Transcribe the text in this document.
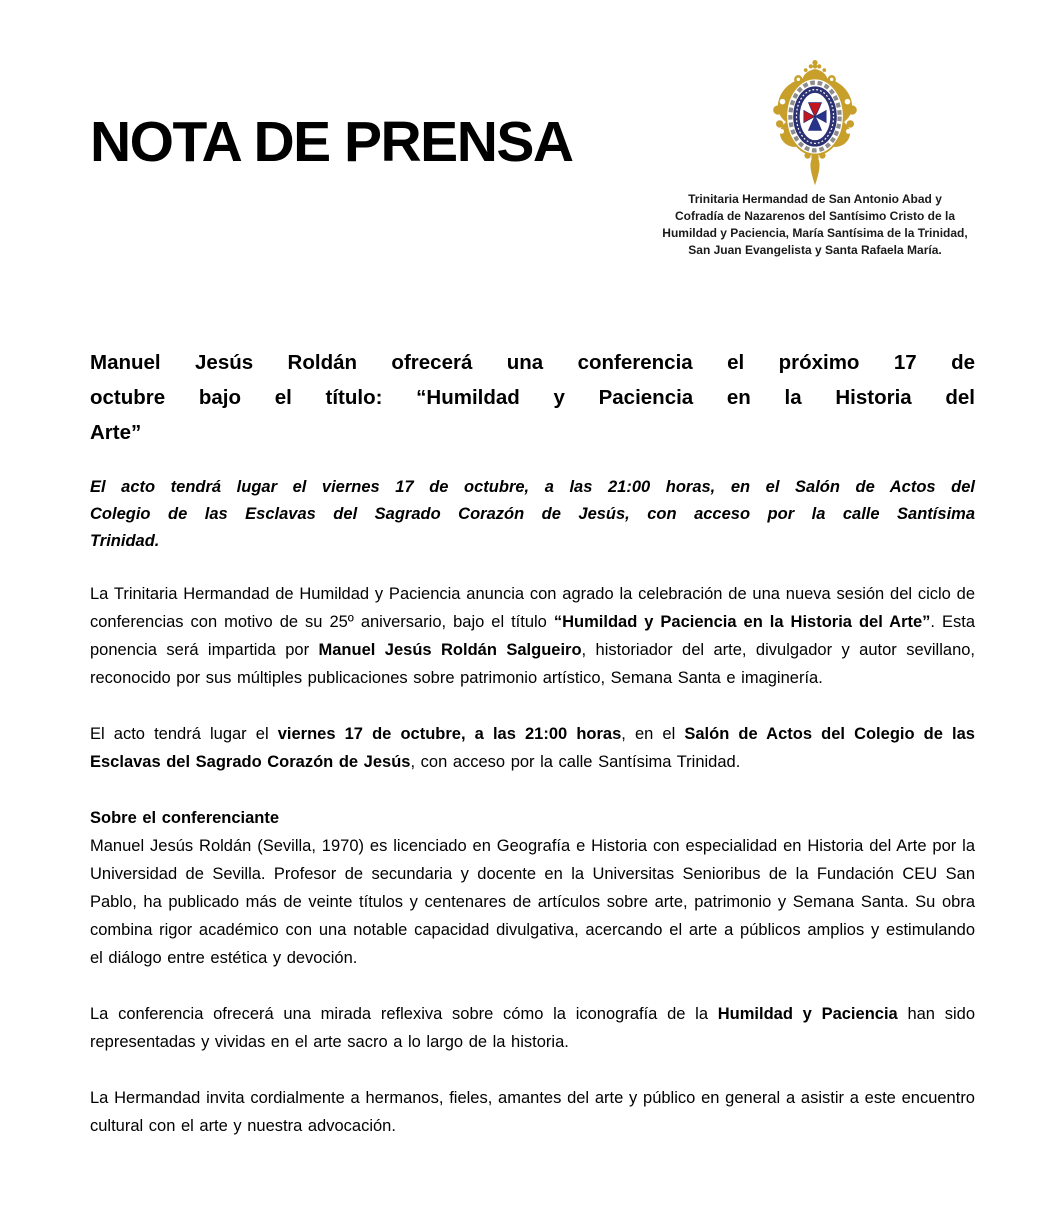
NOTA DE PRENSA
Trinitaria Hermandad de San Antonio Abad y
Cofradía de Nazarenos del Santísimo Cristo de la
Humildad y Paciencia, María Santísima de la Trinidad,
San Juan Evangelista y Santa Rafaela María.
Manuel Jesús Roldán ofrecerá una conferencia el próximo 17 de
octubre bajo el título: “Humildad y Paciencia en la Historia del
Arte”
El acto tendrá lugar el viernes 17 de octubre, a las 21:00 horas, en el Salón de Actos del
Colegio de las Esclavas del Sagrado Corazón de Jesús, con acceso por la calle Santísima
Trinidad.

La Trinitaria Hermandad de Humildad y Paciencia anuncia con agrado la celebración de una nueva sesión del ciclo de conferencias con motivo de su 25º aniversario, bajo el título “Humildad y Paciencia en la Historia del Arte”. Esta ponencia será impartida por Manuel Jesús Roldán Salgueiro, historiador del arte, divulgador y autor sevillano, reconocido por sus múltiples publicaciones sobre patrimonio artístico, Semana Santa e imaginería.

El acto tendrá lugar el viernes 17 de octubre, a las 21:00 horas, en el Salón de Actos del Colegio de las Esclavas del Sagrado Corazón de Jesús, con acceso por la calle Santísima Trinidad.

Sobre el conferenciante

Manuel Jesús Roldán (Sevilla, 1970) es licenciado en Geografía e Historia con especialidad en Historia del Arte por la Universidad de Sevilla. Profesor de secundaria y docente en la Universitas Senioribus de la Fundación CEU San Pablo, ha publicado más de veinte títulos y centenares de artículos sobre arte, patrimonio y Semana Santa. Su obra combina rigor académico con una notable capacidad divulgativa, acercando el arte a públicos amplios y estimulando el diálogo entre estética y devoción.

La conferencia ofrecerá una mirada reflexiva sobre cómo la iconografía de la Humildad y Paciencia han sido representadas y vividas en el arte sacro a lo largo de la historia.

La Hermandad invita cordialmente a hermanos, fieles, amantes del arte y público en general a asistir a este encuentro cultural con el arte y nuestra advocación.
